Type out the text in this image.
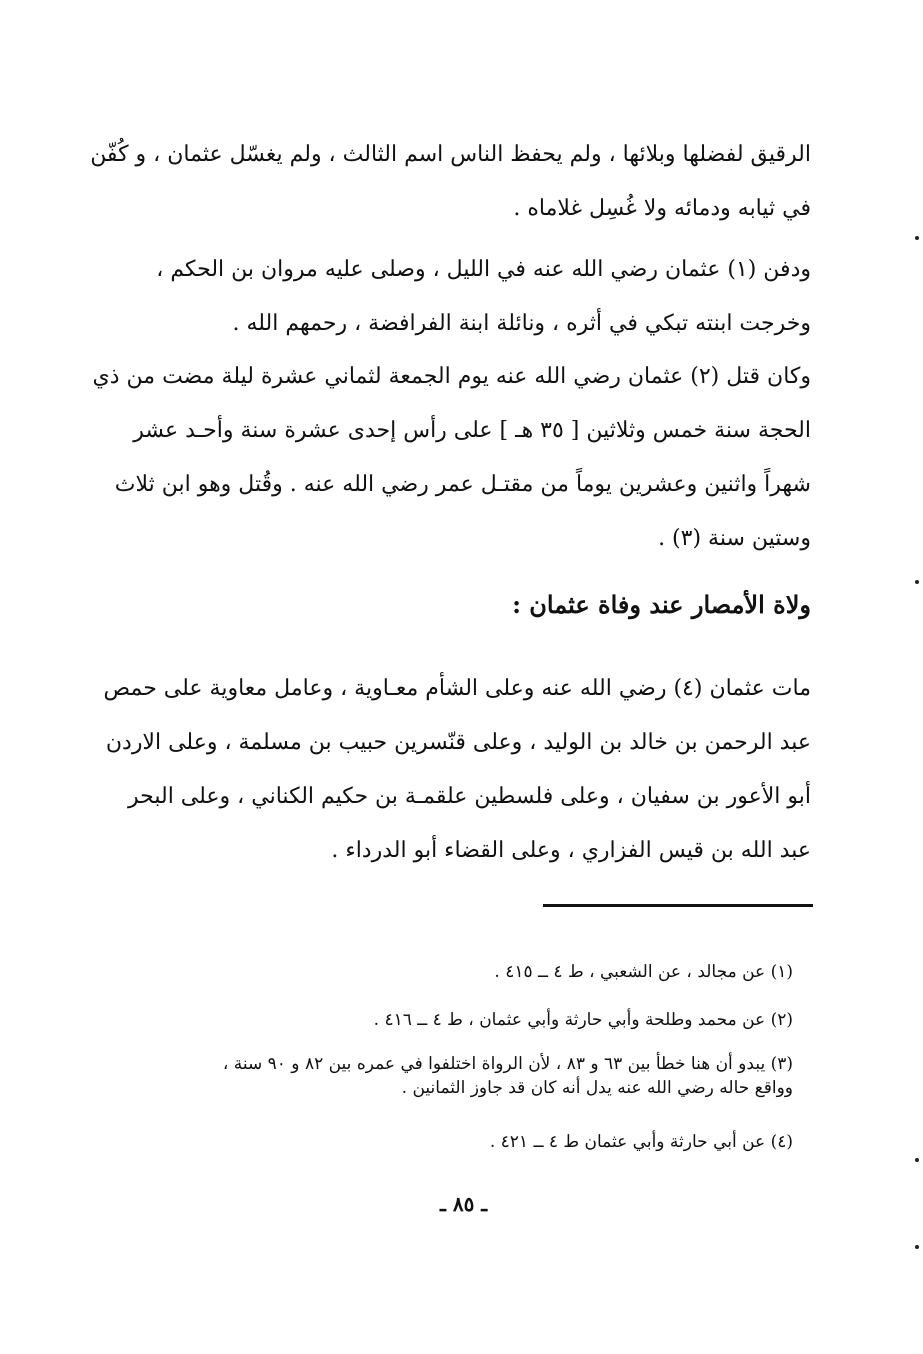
الرقيق لفضلها وبلائها ، ولم يحفظ الناس اسم الثالث ، ولم يغسّل عثمان ، و كُفّن

في ثيابه ودمائه ولا غُسِل غلاماه .

ودفن (١) عثمان رضي الله عنه في الليل ، وصلى عليه مروان بن الحكم ،

وخرجت ابنته تبكي في أثره ، ونائلة ابنة الفرافضة ، رحمهم الله .

وكان قتل (٢) عثمان رضي الله عنه يوم الجمعة لثماني عشرة ليلة مضت من ذي

الحجة سنة خمس وثلاثين [ ٣٥ هـ ] على رأس إحدى عشرة سنة وأحـد عشر

شهراً واثنين وعشرين يوماً من مقتـل عمر رضي الله عنه . وقُتل وهو ابن ثلاث

وستين سنة (٣) .

ولاة الأمصار عند وفاة عثمان :

مات عثمان (٤) رضي الله عنه وعلى الشأم معـاوية ، وعامل معاوية على حمص

عبد الرحمن بن خالد بن الوليد ، وعلى قنّسرين حبيب بن مسلمة ، وعلى الاردن

أبو الأعور بن سفيان ، وعلى فلسطين علقمـة بن حكيم الكناني ، وعلى البحر

عبد الله بن قيس الفزاري ، وعلى القضاء أبو الدرداء .

(١) عن مجالد ، عن الشعبي ، ط ٤ ــ ٤١٥ .
(٢) عن محمد وطلحة وأبي حارثة وأبي عثمان ، ط ٤ ــ ٤١٦ .

(٣) يبدو أن هنا خطأ بين ٦٣ و ٨٣ ، لأن الرواة اختلفوا في عمره بين ٨٢ و ٩٠ سنة ،

وواقع حاله رضي الله عنه يدل أنه كان قد جاوز الثمانين .

(٤) عن أبي حارثة وأبي عثمان ط ٤ ــ ٤٢١ .
ـ ٨٥ ـ
